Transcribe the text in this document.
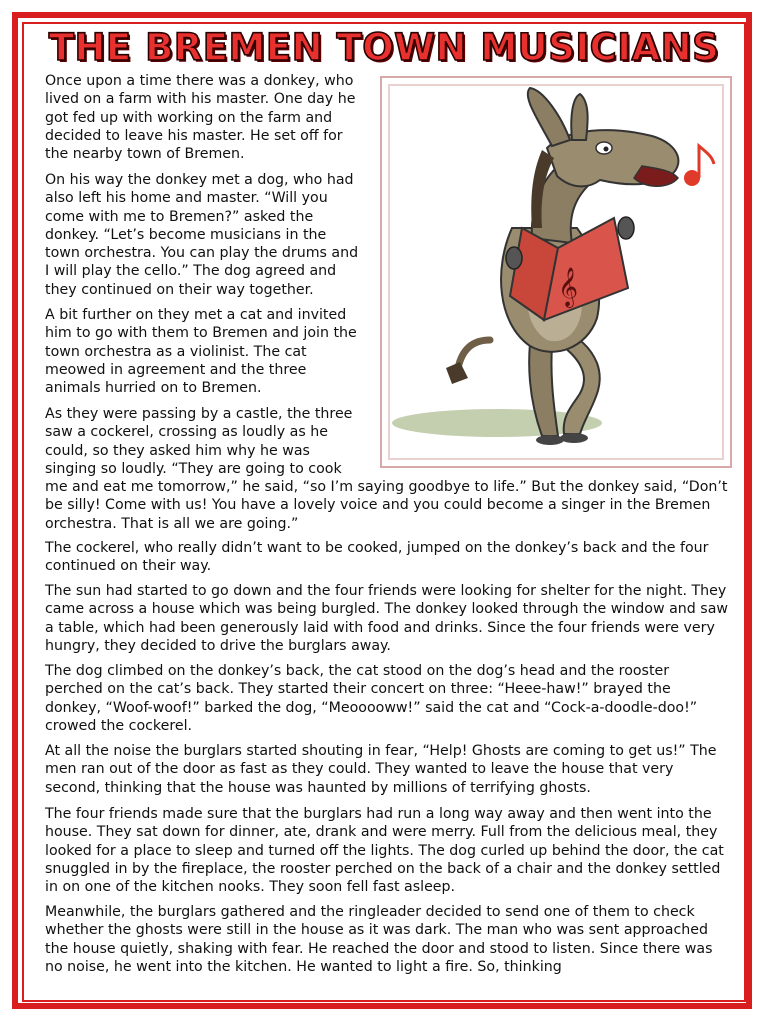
THE BREMEN TOWN MUSICIANS

Once upon a time there was a donkey, who lived on a farm with his master. One day he got fed up with working on the farm and decided to leave his master. He set off for the nearby town of Bremen.

On his way the donkey met a dog, who had also left his home and master. “Will you come with me to Bremen?” asked the donkey. “Let’s become musicians in the town orchestra. You can play the drums and I will play the cello.” The dog agreed and they continued on their way together.

A bit further on they met a cat and invited him to go with them to Bremen and join the town orchestra as a violinist. The cat meowed in agreement and the three animals hurried on to Bremen.

As they were passing by a castle, the three saw a cockerel, crossing as loudly as he could, so they asked him why he was singing so loudly. “They are going to cook

me and eat me tomorrow,” he said, “so I’m saying goodbye to life.” But the donkey said, “Don’t be silly! Come with us! You have a lovely voice and you could become a singer in the Bremen orchestra. That is all we are going.”

The cockerel, who really didn’t want to be cooked, jumped on the donkey’s back and the four continued on their way.

The sun had started to go down and the four friends were looking for shelter for the night. They came across a house which was being burgled. The donkey looked through the window and saw a table, which had been generously laid with food and drinks. Since the four friends were very hungry, they decided to drive the burglars away.

The dog climbed on the donkey’s back, the cat stood on the dog’s head and the rooster perched on the cat’s back. They started their concert on three: “Heee-haw!” brayed the donkey, “Woof-woof!” barked the dog, “Meooooww!” said the cat and “Cock-a-doodle-doo!” crowed the cockerel.

At all the noise the burglars started shouting in fear, “Help! Ghosts are coming to get us!” The men ran out of the door as fast as they could. They wanted to leave the house that very second, thinking that the house was haunted by millions of terrifying ghosts.

The four friends made sure that the burglars had run a long way away and then went into the house. They sat down for dinner, ate, drank and were merry. Full from the delicious meal, they looked for a place to sleep and turned off the lights. The dog curled up behind the door, the cat snuggled in by the fireplace, the rooster perched on the back of a chair and the donkey settled in on one of the kitchen nooks. They soon fell fast asleep.

Meanwhile, the burglars gathered and the ringleader decided to send one of them to check whether the ghosts were still in the house as it was dark. The man who was sent approached the house quietly, shaking with fear. He reached the door and stood to listen. Since there was no noise, he went into the kitchen. He wanted to light a fire. So, thinking

𝄞
